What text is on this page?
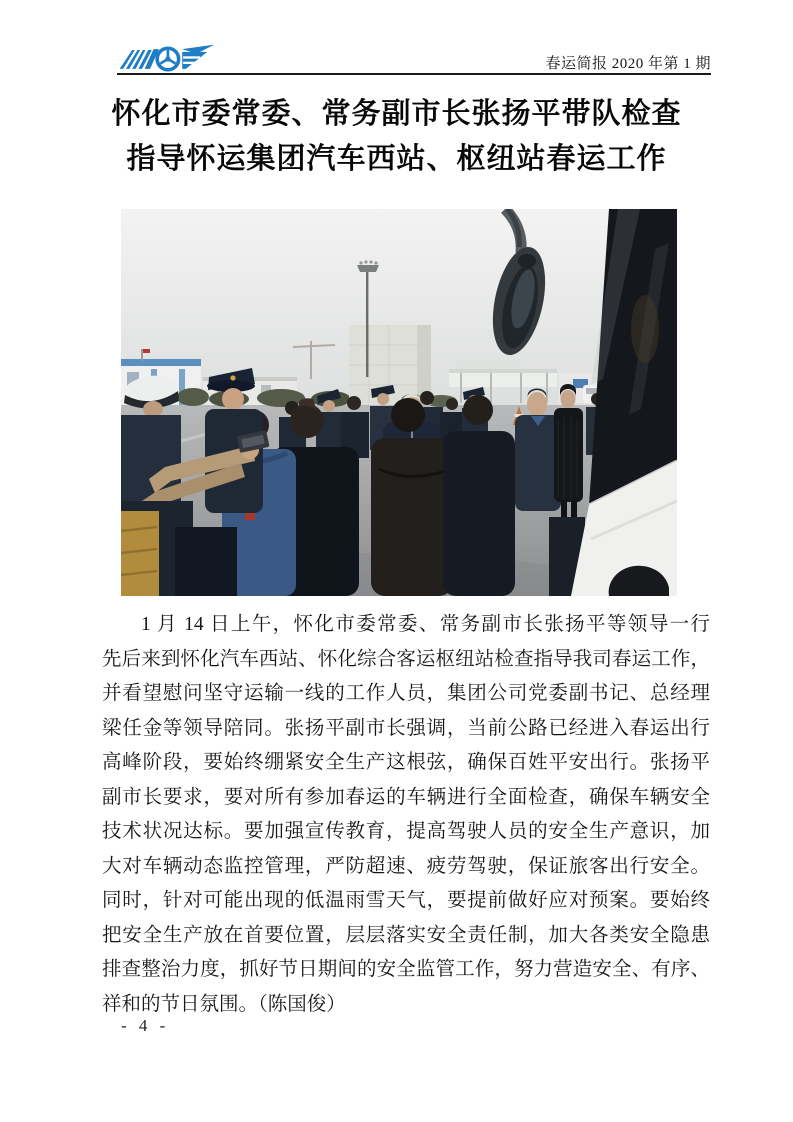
春运简报 2020 年第 1 期
怀化市委常委、常务副市长张扬平带队检查
指导怀运集团汽车西站、枢纽站春运工作
1 月 14 日上午，怀化市委常委、常务副市长张扬平等领导一行
先后来到怀化汽车西站、怀化综合客运枢纽站检查指导我司春运工作，
并看望慰问坚守运输一线的工作人员，集团公司党委副书记、总经理
梁任金等领导陪同。张扬平副市长强调，当前公路已经进入春运出行
高峰阶段，要始终绷紧安全生产这根弦，确保百姓平安出行。张扬平
副市长要求，要对所有参加春运的车辆进行全面检查，确保车辆安全
技术状况达标。要加强宣传教育，提高驾驶人员的安全生产意识，加
大对车辆动态监控管理，严防超速、疲劳驾驶，保证旅客出行安全。
同时，针对可能出现的低温雨雪天气，要提前做好应对预案。要始终
把安全生产放在首要位置，层层落实安全责任制，加大各类安全隐患
排查整治力度，抓好节日期间的安全监管工作，努力营造安全、有序、
祥和的节日氛围。（陈国俊）
- 4 -
